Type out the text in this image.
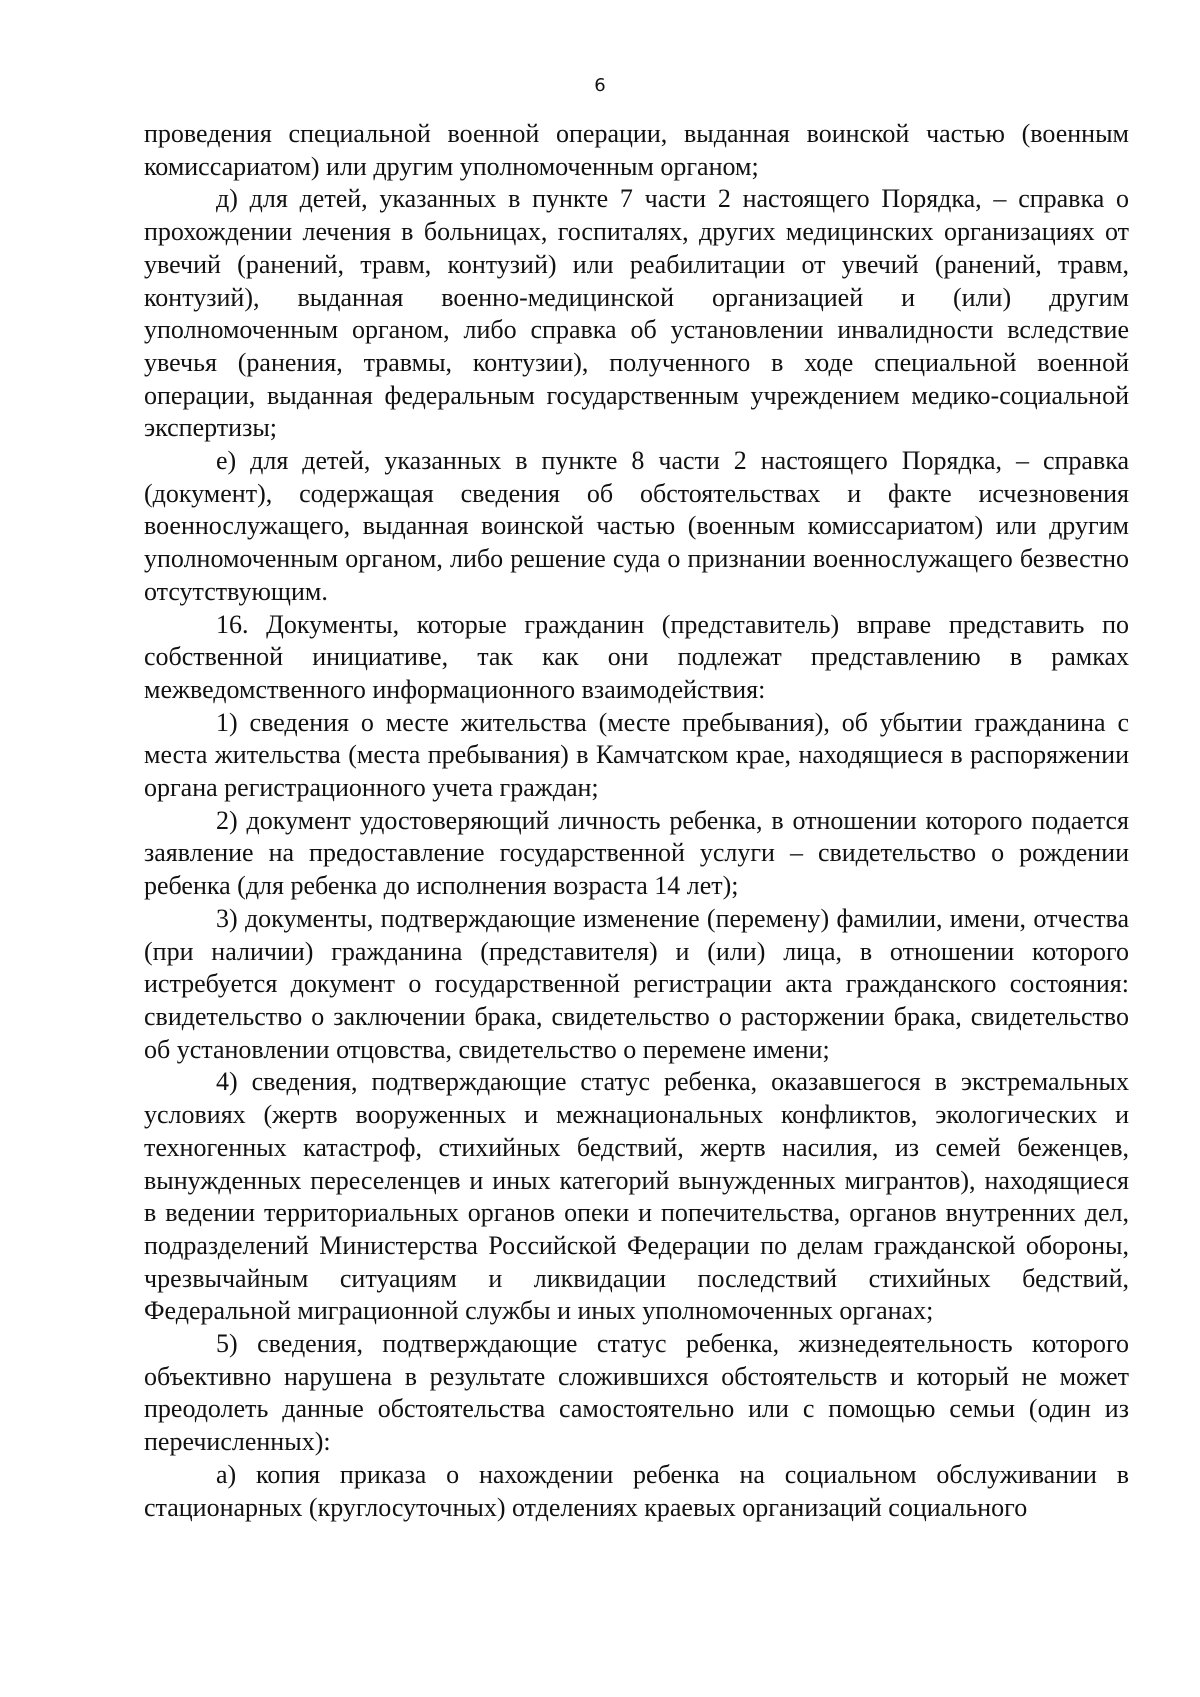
6

проведения специальной военной операции, выданная воинской частью (военным комиссариатом) или другим уполномоченным органом;

д) для детей, указанных в пункте 7 части 2 настоящего Порядка, – справка о прохождении лечения в больницах, госпиталях, других медицинских организациях от увечий (ранений, травм, контузий) или реабилитации от увечий (ранений, травм, контузий), выданная военно-медицинской организацией и (или) другим уполномоченным органом, либо справка об установлении инвалидности вследствие увечья (ранения, травмы, контузии), полученного в ходе специальной военной операции, выданная федеральным государственным учреждением медико-социальной экспертизы;

е) для детей, указанных в пункте 8 части 2 настоящего Порядка, – справка (документ), содержащая сведения об обстоятельствах и факте исчезновения военнослужащего, выданная воинской частью (военным комиссариатом) или другим уполномоченным органом, либо решение суда о признании военнослужащего безвестно отсутствующим.

16. Документы, которые гражданин (представитель) вправе представить по собственной инициативе, так как они подлежат представлению в рамках межведомственного информационного взаимодействия:

1) сведения о месте жительства (месте пребывания), об убытии гражданина с места жительства (места пребывания) в Камчатском крае, находящиеся в распоряжении органа регистрационного учета граждан;

2) документ удостоверяющий личность ребенка, в отношении которого подается заявление на предоставление государственной услуги – свидетельство о рождении ребенка (для ребенка до исполнения возраста 14 лет);

3) документы, подтверждающие изменение (перемену) фамилии, имени, отчества (при наличии) гражданина (представителя) и (или) лица, в отношении которого истребуется документ о государственной регистрации акта гражданского состояния: свидетельство о заключении брака, свидетельство о расторжении брака, свидетельство об установлении отцовства, свидетельство о перемене имени;

4) сведения, подтверждающие статус ребенка, оказавшегося в экстремальных условиях (жертв вооруженных и межнациональных конфликтов, экологических и техногенных катастроф, стихийных бедствий, жертв насилия, из семей беженцев, вынужденных переселенцев и иных категорий вынужденных мигрантов), находящиеся в ведении территориальных органов опеки и попечительства, органов внутренних дел, подразделений Министерства Российской Федерации по делам гражданской обороны, чрезвычайным ситуациям и ликвидации последствий стихийных бедствий, Федеральной миграционной службы и иных уполномоченных органах;

5) сведения, подтверждающие статус ребенка, жизнедеятельность которого объективно нарушена в результате сложившихся обстоятельств и который не может преодолеть данные обстоятельства самостоятельно или с помощью семьи (один из перечисленных):

а) копия приказа о нахождении ребенка на социальном обслуживании в стационарных (круглосуточных) отделениях краевых организаций социального
